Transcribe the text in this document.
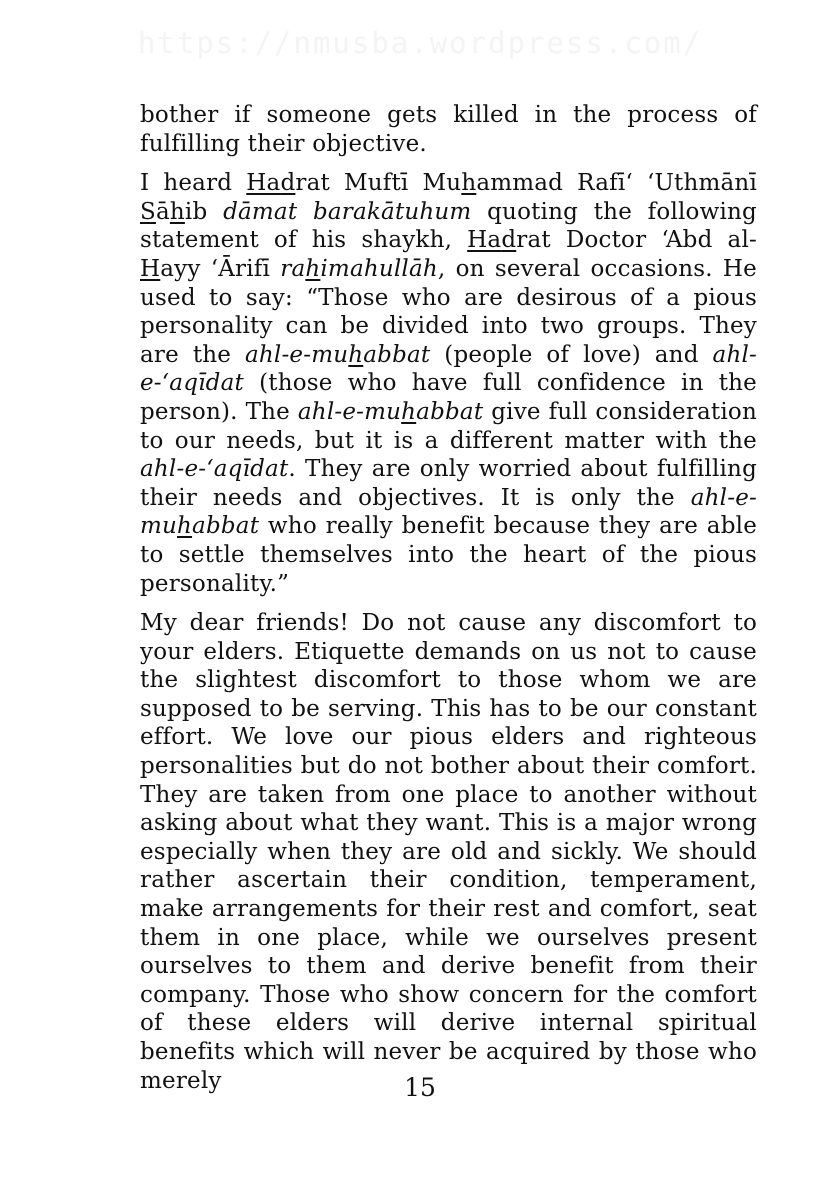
https://nmusba.wordpress.com/

bother if someone gets killed in the process of fulfilling their objective.

I heard Hadrat Muftī Muhammad Rafī‘ ‘Uthmānī Sāhib dāmat barakātuhum quoting the following statement of his shaykh, Hadrat Doctor ‘Abd al-Hayy ‘Ārifī rahimahullāh, on several occasions. He used to say: “Those who are desirous of a pious personality can be divided into two groups. They are the ahl-e-muhabbat (people of love) and ahl-e-‘aqīdat (those who have full confidence in the person). The ahl-e-muhabbat give full consideration to our needs, but it is a different matter with the ahl-e-‘aqīdat. They are only worried about fulfilling their needs and objectives. It is only the ahl-e-muhabbat who really benefit because they are able to settle themselves into the heart of the pious personality.”

My dear friends! Do not cause any discomfort to your elders. Etiquette demands on us not to cause the slightest discomfort to those whom we are supposed to be serving. This has to be our constant effort. We love our pious elders and righteous personalities but do not bother about their comfort. They are taken from one place to another without asking about what they want. This is a major wrong especially when they are old and sickly. We should rather ascertain their condition, temperament, make arrangements for their rest and comfort, seat them in one place, while we ourselves present ourselves to them and derive benefit from their company. Those who show concern for the comfort of these elders will derive internal spiritual benefits which will never be acquired by those who merely	15
